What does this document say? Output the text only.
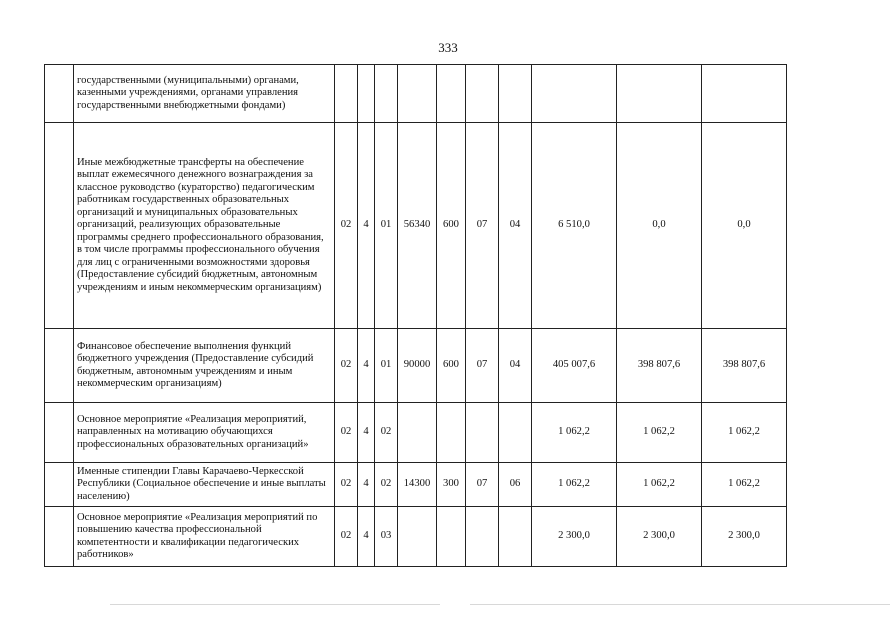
333
	государственными (муниципальными) органами, казенными учреждениями, органами управления государственными внебюджетными фондами)										
	Иные межбюджетные трансферты на обеспечение выплат ежемесячного денежного вознаграждения за классное руководство (кураторство) педагогическим работникам государственных образовательных организаций и муниципальных образовательных организаций, реализующих образовательные программы среднего профессионального образования, в том числе программы профессионального обучения для лиц с ограниченными возможностями здоровья (Предоставление субсидий бюджетным, автономным учреждениям и иным некоммерческим организациям)	02	4	01	56340	600	07	04	6 510,0	0,0	0,0
	Финансовое обеспечение выполнения функций бюджетного учреждения (Предоставление субсидий бюджетным, автономным учреждениям и иным некоммерческим организациям)	02	4	01	90000	600	07	04	405 007,6	398 807,6	398 807,6
	Основное мероприятие «Реализация мероприятий, направленных на мотивацию обучающихся профессиональных образовательных организаций»	02	4	02					1 062,2	1 062,2	1 062,2
	Именные стипендии Главы Карачаево-Черкесской Республики (Социальное обеспечение и иные выплаты населению)	02	4	02	14300	300	07	06	1 062,2	1 062,2	1 062,2
	Основное мероприятие «Реализация мероприятий по повышению качества профессиональной компетентности и квалификации педагогических работников»	02	4	03					2 300,0	2 300,0	2 300,0
